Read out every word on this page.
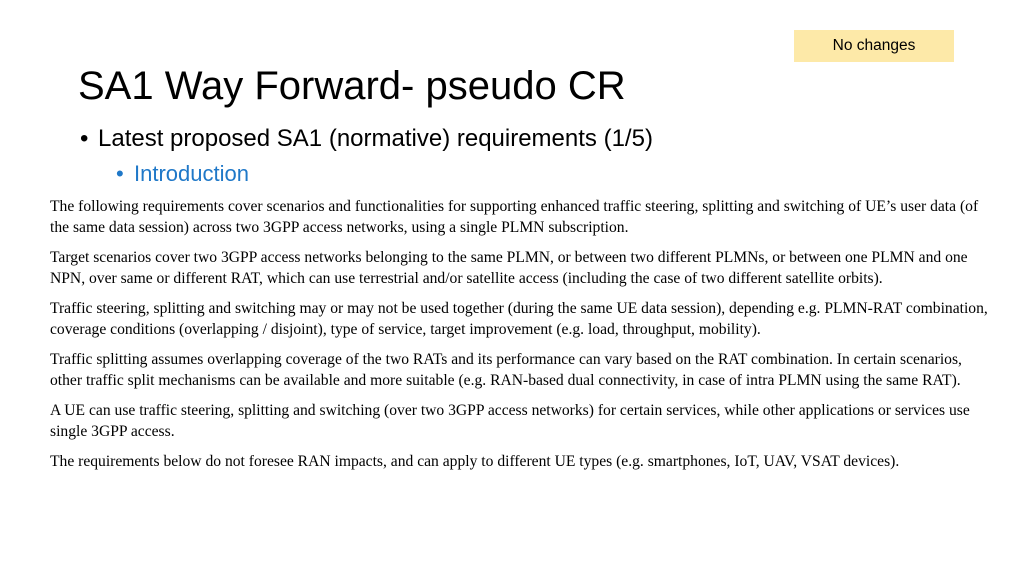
No changes
SA1 Way Forward- pseudo CR
• Latest proposed SA1 (normative) requirements (1/5)
• Introduction

The following requirements cover scenarios and functionalities for supporting enhanced traffic steering, splitting and switching of UE’s user data (of the same data session) across two 3GPP access networks, using a single PLMN subscription.

Target scenarios cover two 3GPP access networks belonging to the same PLMN, or between two different PLMNs, or between one PLMN and one NPN, over same or different RAT, which can use terrestrial and/or satellite access (including the case of two different satellite orbits).

Traffic steering, splitting and switching may or may not be used together (during the same UE data session), depending e.g. PLMN-RAT combination, coverage conditions (overlapping / disjoint), type of service, target improvement (e.g. load, throughput, mobility).

Traffic splitting assumes overlapping coverage of the two RATs and its performance can vary based on the RAT combination. In certain scenarios, other traffic split mechanisms can be available and more suitable (e.g. RAN-based dual connectivity, in case of intra PLMN using the same RAT).

A UE can use traffic steering, splitting and switching (over two 3GPP access networks) for certain services, while other applications or services use single 3GPP access.

The requirements below do not foresee RAN impacts, and can apply to different UE types (e.g. smartphones, IoT, UAV, VSAT devices).
